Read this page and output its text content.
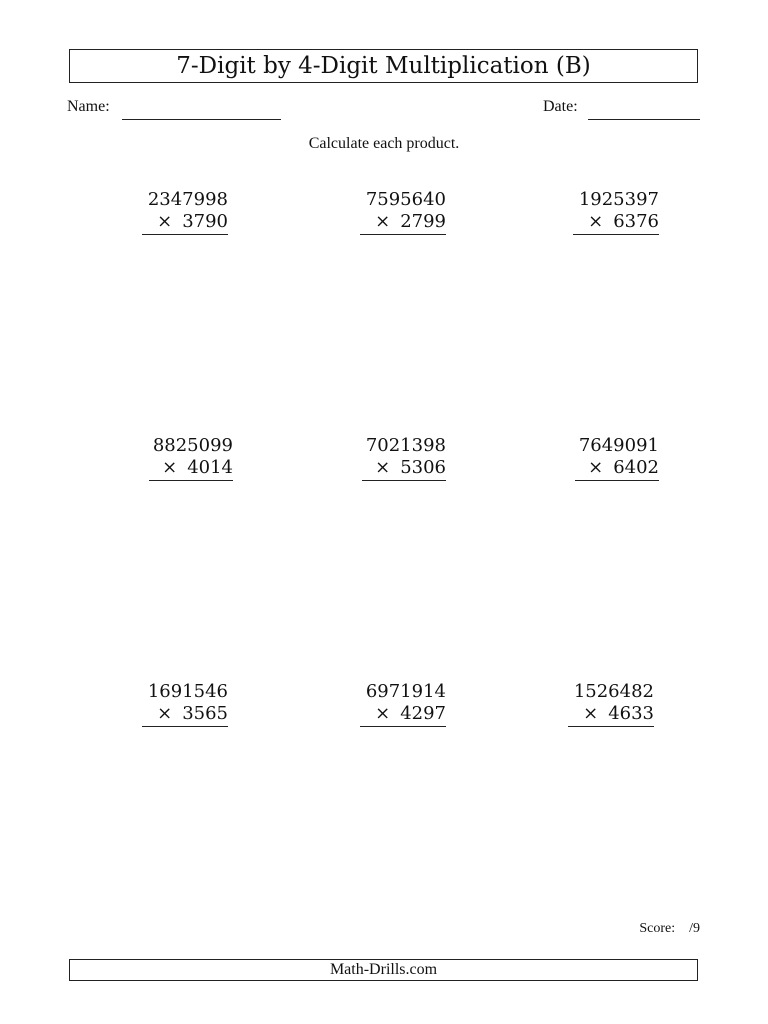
7-Digit by 4-Digit Multiplication (B)
Name:	Date:
Calculate each product.
2347998
× 3790
7595640
× 2799
1925397
× 6376
8825099
× 4014
7021398
× 5306
7649091
× 6402
1691546
× 3565
6971914
× 4297
1526482
× 4633
Score: /9
Math-Drills.com
